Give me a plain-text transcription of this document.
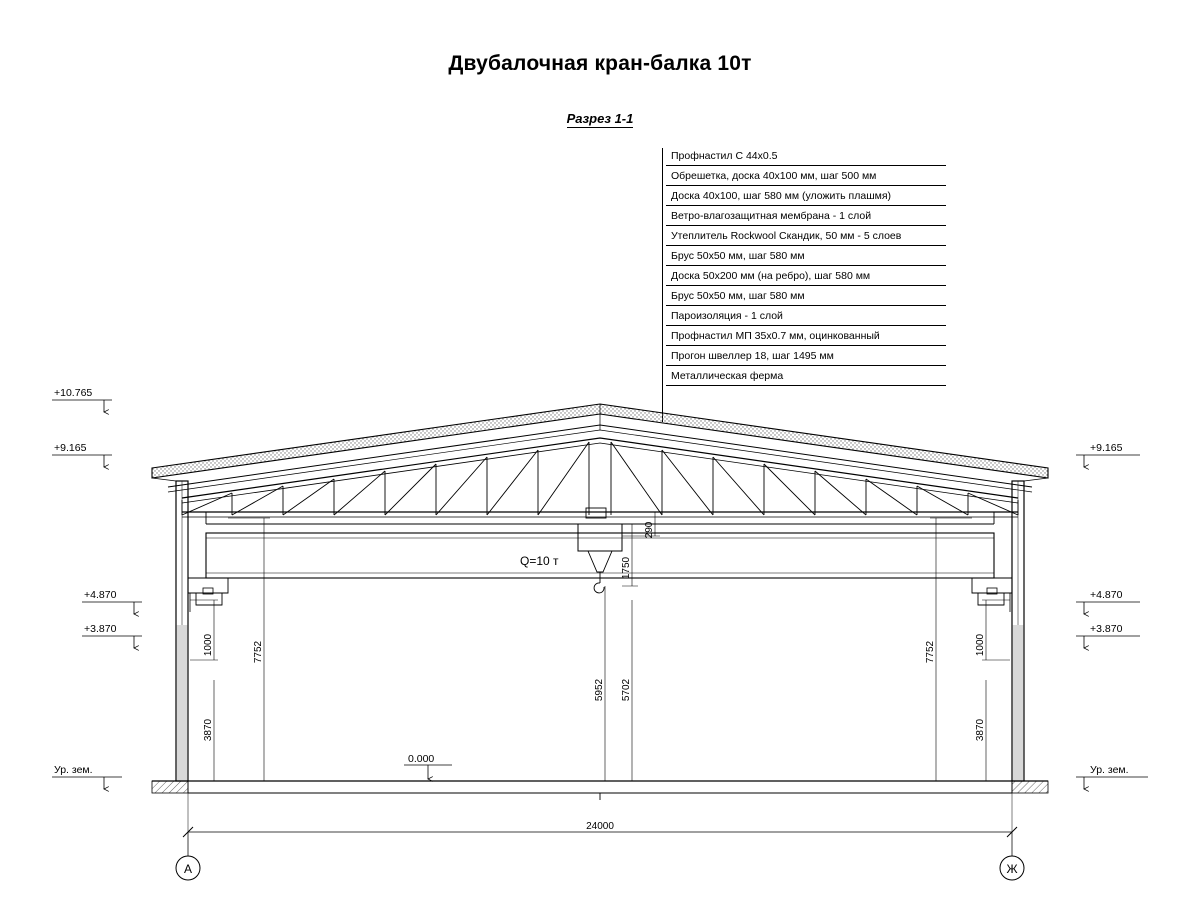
Двубалочная кран-балка 10т
Разрез 1-1
Профнастил С 44х0.5
Обрешетка, доска 40х100 мм, шаг 500 мм
Доска 40х100, шаг 580 мм (уложить плашмя)
Ветро-влагозащитная мембрана - 1 слой
Утеплитель Rockwool Скандик, 50 мм - 5 слоев
Брус 50х50 мм, шаг 580 мм
Доска 50х200 мм (на ребро), шаг 580 мм
Брус 50х50 мм, шаг 580 мм
Пароизоляция - 1 слой
Профнастил МП 35х0.7 мм, оцинкованный
Прогон швеллер 18, шаг 1495 мм
Металлическая ферма
+10.765
+9.165
+4.870
+3.870
Ур. зем.
+9.165
+4.870
+3.870
Ур. зем.
0.000
24000
1000
3870
7752	1000
3870
7752
290
1750
5952 5702
Q=10 т
А	Ж
